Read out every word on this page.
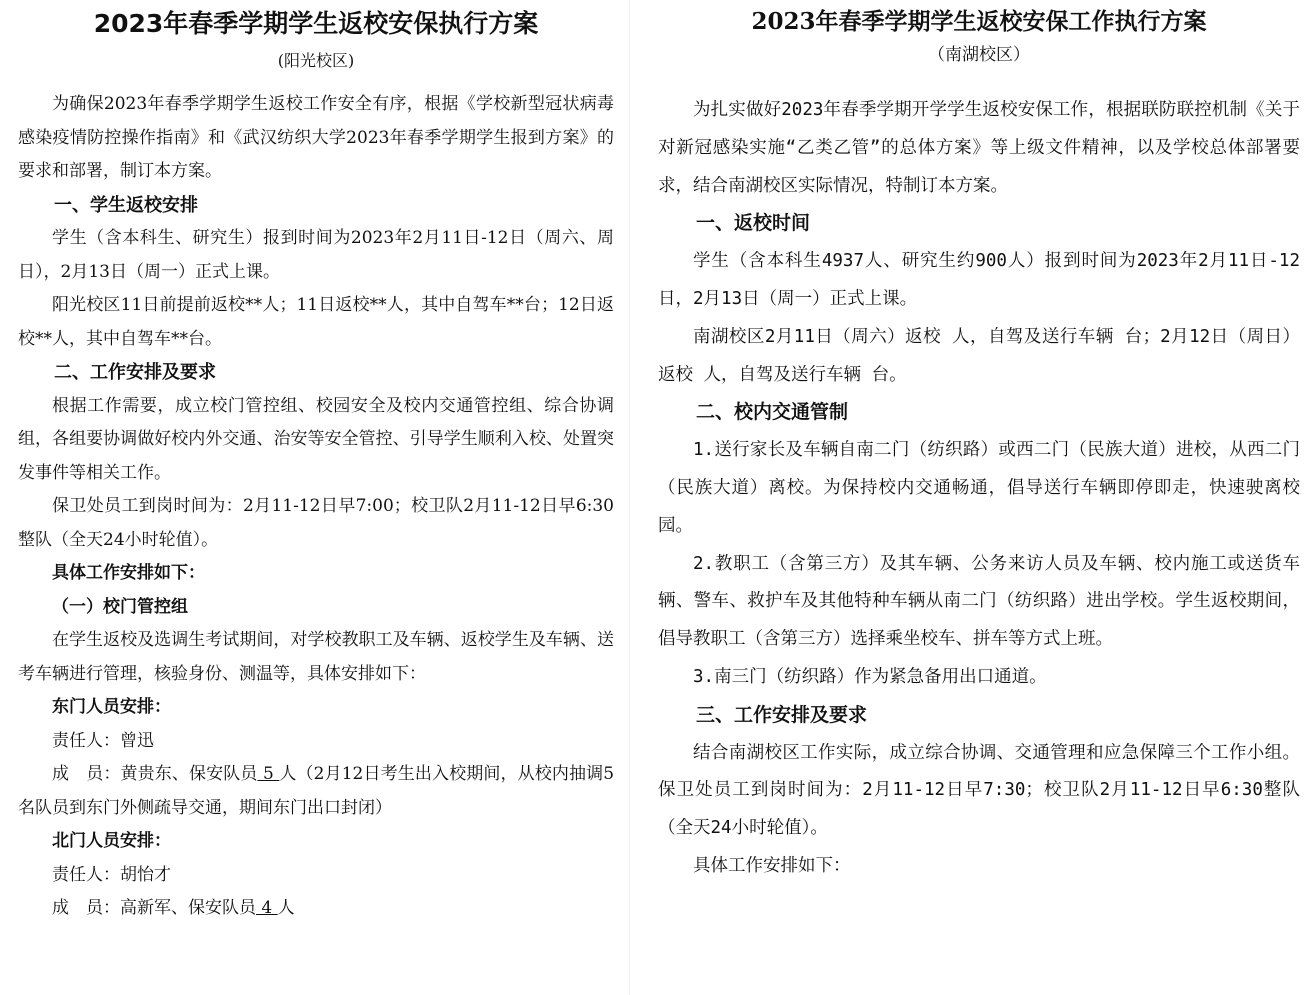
2023年春季学期学生返校安保执行方案
(阳光校区)

为确保2023年春季学期学生返校工作安全有序，根据《学校新型冠状病毒感染疫情防控操作指南》和《武汉纺织大学2023年春季学期学生报到方案》的要求和部署，制订本方案。

一、学生返校安排

学生（含本科生、研究生）报到时间为2023年2月11日-12日（周六、周日），2月13日（周一）正式上课。

阳光校区11日前提前返校**人；11日返校**人，其中自驾车**台；12日返校**人，其中自驾车**台。

二、工作安排及要求

根据工作需要，成立校门管控组、校园安全及校内交通管控组、综合协调组，各组要协调做好校内外交通、治安等安全管控、引导学生顺利入校、处置突发事件等相关工作。

保卫处员工到岗时间为：2月11-12日早7:00；校卫队2月11-12日早6:30整队（全天24小时轮值）。

具体工作安排如下：
（一）校门管控组

在学生返校及选调生考试期间，对学校教职工及车辆、返校学生及车辆、送考车辆进行管理，核验身份、测温等，具体安排如下：

东门人员安排：

责任人：曾迅

成　员：黄贵东、保安队员 5 人（2月12日考生出入校期间，从校内抽调5名队员到东门外侧疏导交通，期间东门出口封闭）

北门人员安排：

责任人：胡怡才

成　员：高新军、保安队员 4 人

2023年春季学期学生返校安保工作执行方案
（南湖校区）

为扎实做好2023年春季学期开学学生返校安保工作，根据联防联控机制《关于对新冠感染实施“乙类乙管”的总体方案》等上级文件精神，以及学校总体部署要求，结合南湖校区实际情况，特制订本方案。

一、返校时间

学生（含本科生4937人、研究生约900人）报到时间为2023年2月11日-12日，2月13日（周一）正式上课。

南湖校区2月11日（周六）返校 人，自驾及送行车辆 台；2月12日（周日）返校 人，自驾及送行车辆 台。

二、校内交通管制

1.送行家长及车辆自南二门（纺织路）或西二门（民族大道）进校，从西二门（民族大道）离校。为保持校内交通畅通，倡导送行车辆即停即走，快速驶离校园。

2.教职工（含第三方）及其车辆、公务来访人员及车辆、校内施工或送货车辆、警车、救护车及其他特种车辆从南二门（纺织路）进出学校。学生返校期间，倡导教职工（含第三方）选择乘坐校车、拼车等方式上班。

3.南三门（纺织路）作为紧急备用出口通道。

三、工作安排及要求

结合南湖校区工作实际，成立综合协调、交通管理和应急保障三个工作小组。保卫处员工到岗时间为：2月11-12日早7:30；校卫队2月11-12日早6:30整队（全天24小时轮值）。

具体工作安排如下：
